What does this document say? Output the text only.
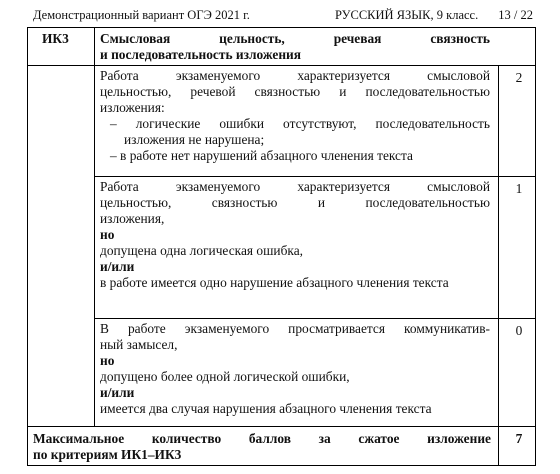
Демонстрационный вариант ОГЭ 2021 г.	РУССКИЙ ЯЗЫК, 9 класс. 13 / 22
ИК3 Смысловая цельность, речевая связность

и последовательность изложения

Работа экзаменуемого характеризуется смысловой

цельностью, речевой связностью и последовательностью

изложения:

– логические ошибки отсутствуют, последовательность изложения не нарушена;

– в работе нет нарушений абзацного членения текста

2

Работа экзаменуемого характеризуется смысловой

цельностью, связностью и последовательностью

изложения,

но

допущена одна логическая ошибка,

и/или

в работе имеется одно нарушение абзацного членения текста

1

В работе экзаменуемого просматривается коммуникатив-

ный замысел,

но

допущено более одной логической ошибки,

и/или

имеется два случая нарушения абзацного членения текста

0

Максимальное количество баллов за сжатое изложение

по критериям ИК1–ИК3

7
